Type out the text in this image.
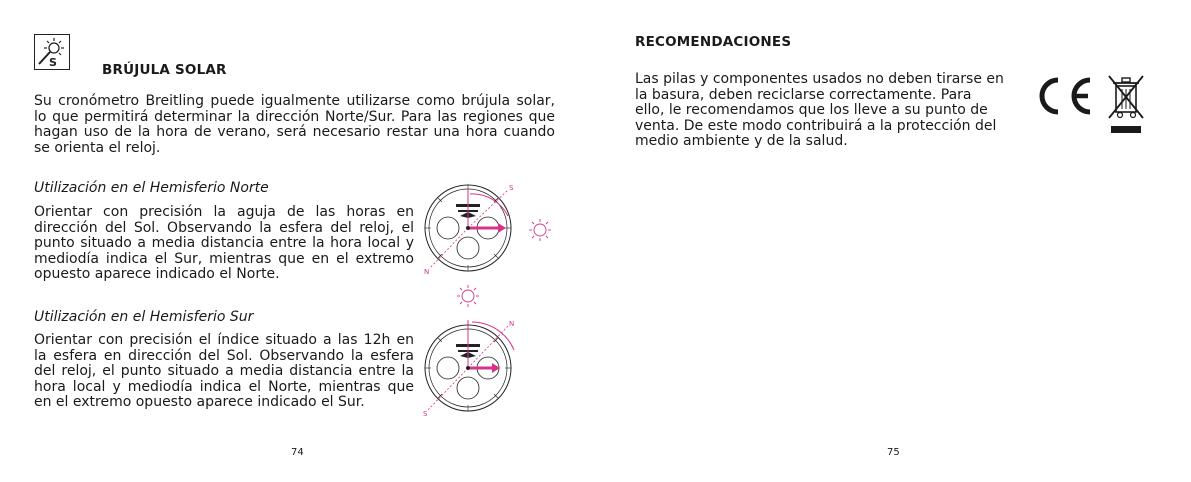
S	BRÚJULA SOLAR
Su cronómetro Breitling puede igualmente utilizarse como brújula solar, lo que permitirá determinar la dirección Norte/Sur. Para las regiones que hagan uso de la hora de verano, será necesario restar una hora cuando se orienta el reloj.
Utilización en el Hemisferio Norte
Orientar con precisión la aguja de las horas en dirección del Sol. Observando la esfera del reloj, el punto situado a media distancia entre la hora local y mediodía indica el Sur, mientras que en el extremo opuesto aparece indicado el Norte.
Utilización en el Hemisferio Sur
Orientar con precisión el índice situado a las 12h en la esfera en dirección del Sol. Observando la esfera del reloj, el punto situado a media distancia entre la hora local y mediodía indica el Norte, mientras que en el extremo opuesto aparece indicado el Sur.
S
N
N
S
74
RECOMENDACIONES
Las pilas y componentes usados no deben tirarse en la basura, deben reciclarse correctamente. Para ello, le recomendamos que los lleve a su punto de venta. De este modo contribuirá a la protección del medio ambiente y de la salud.
75
